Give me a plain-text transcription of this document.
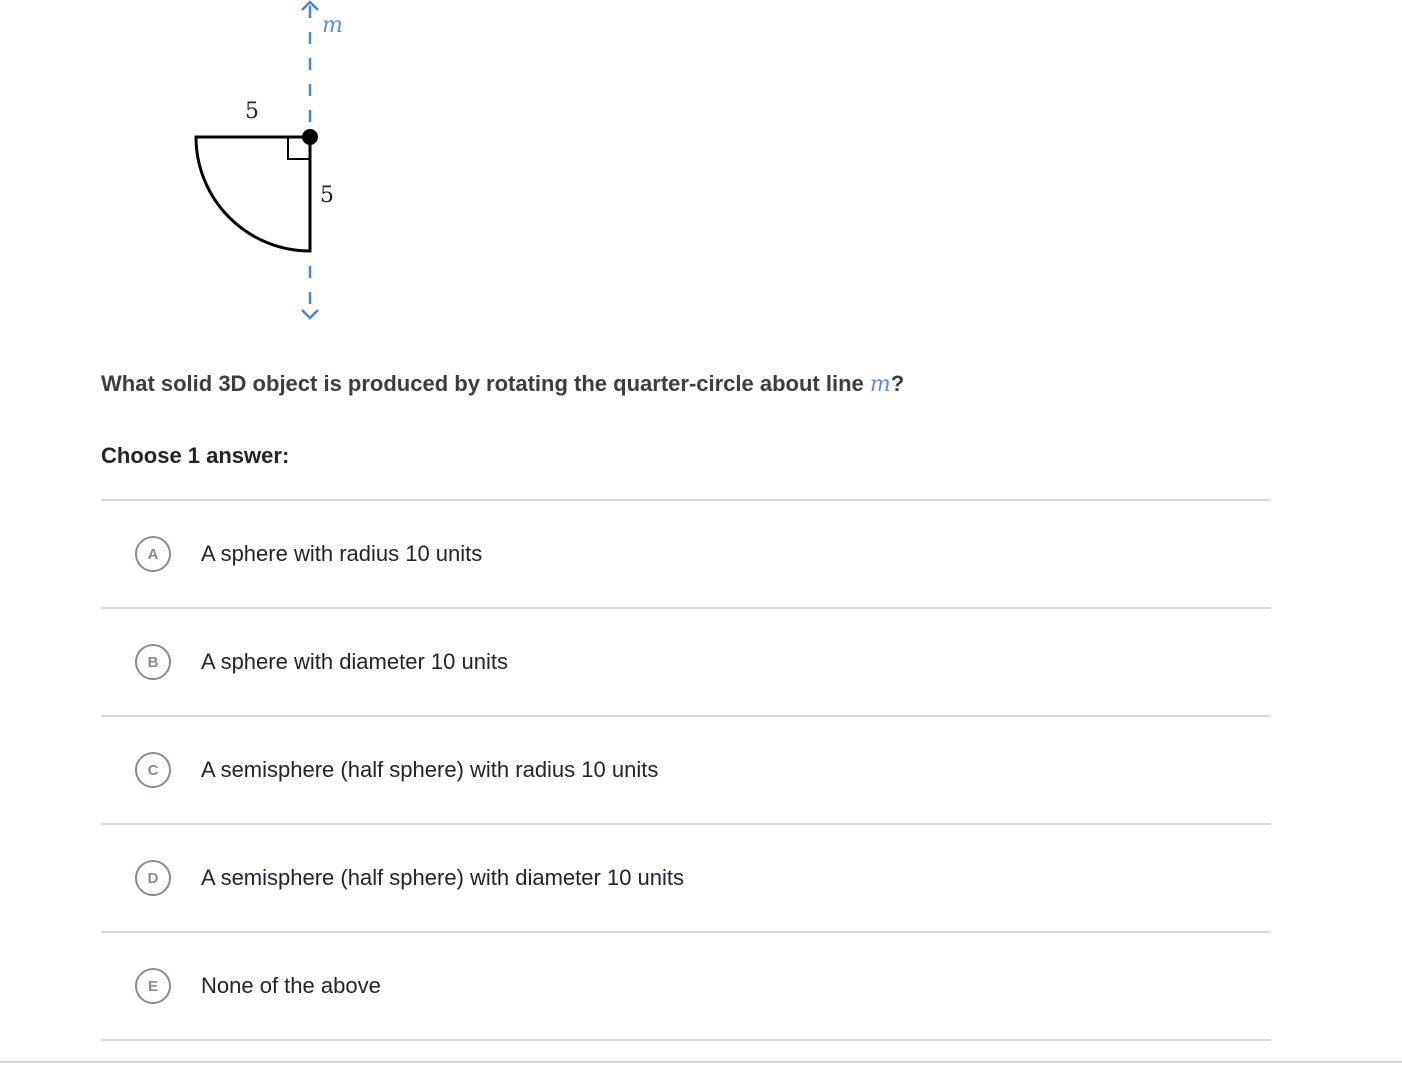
m
5
5
What solid 3D object is produced by rotating the quarter-circle about line m?
Choose 1 answer:
A	A sphere with radius 10 units
B	A sphere with diameter 10 units
C	A semisphere (half sphere) with radius 10 units
D	A semisphere (half sphere) with diameter 10 units
E	None of the above
